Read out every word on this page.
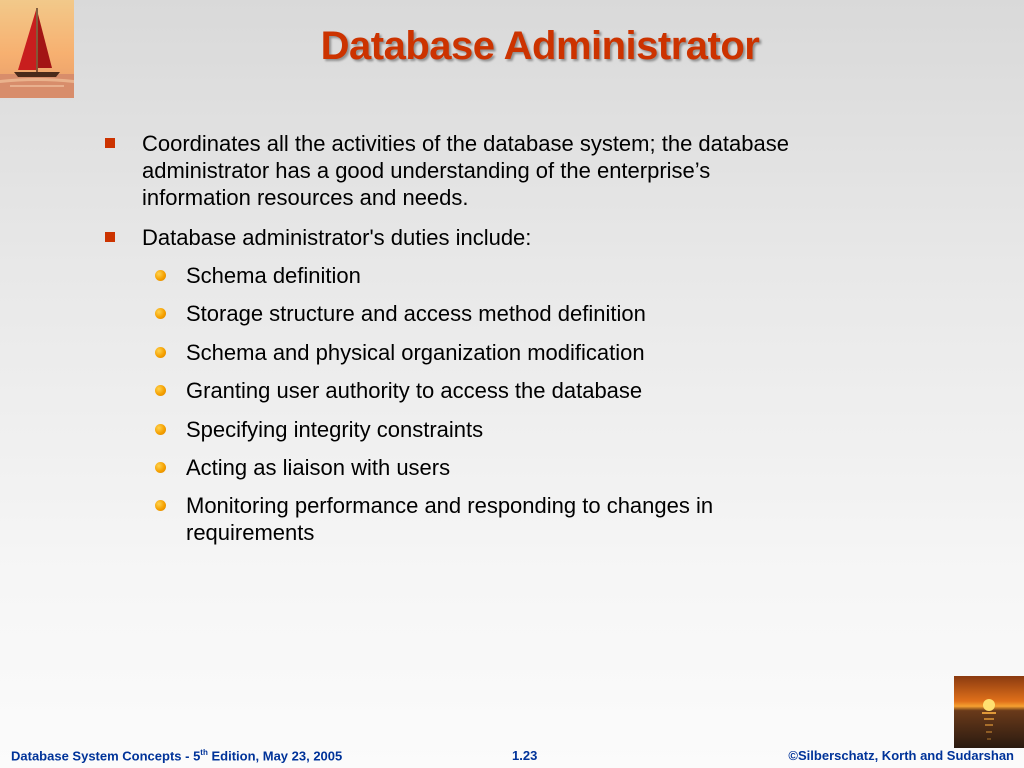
Database Administrator
Coordinates all the activities of the database system; the database administrator has a good understanding of the enterprise’s information resources and needs.
Database administrator's duties include:
Schema definition
Storage structure and access method definition
Schema and physical organization modification
Granting user authority to access the database
Specifying integrity constraints
Acting as liaison with users
Monitoring performance and responding to changes in requirements
Database System Concepts - 5th Edition, May 23, 2005	1.23	©Silberschatz, Korth and Sudarshan
